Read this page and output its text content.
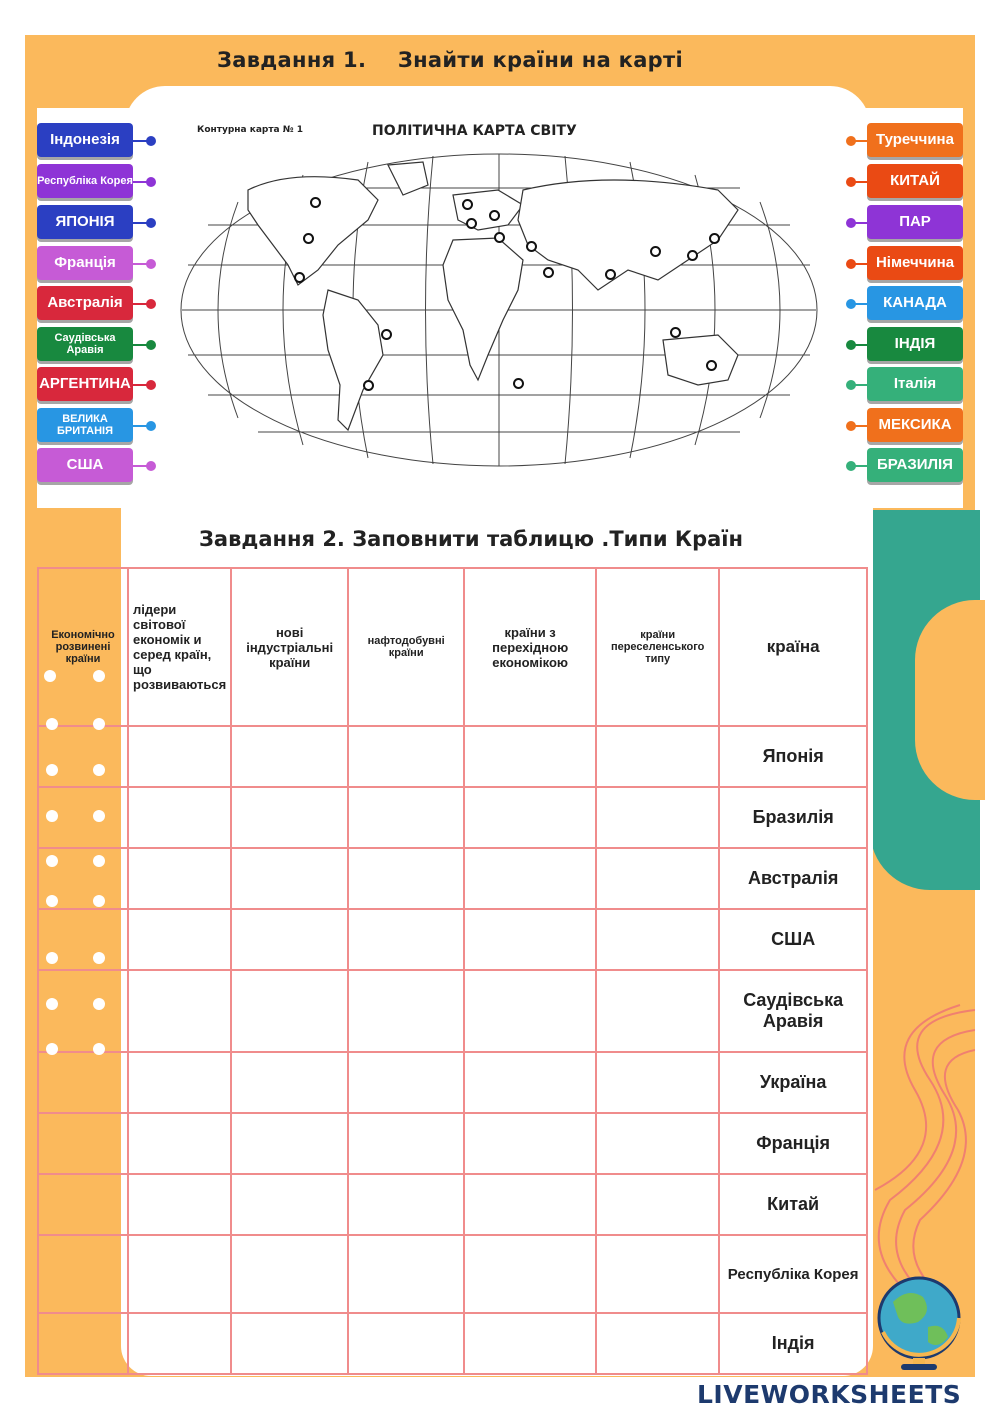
Завдання 1. Знайти країни на карті
Контурна карта № 1	ПОЛІТИЧНА КАРТА СВІТУ
Індонезія
Республіка Корея
ЯПОНІЯ
Франція
Австралія
Саудівська Аравія
АРГЕНТИНА
ВЕЛИКА БРИТАНІЯ
США
Туреччина
КИТАЙ
ПАР
Німеччина
КАНАДА
ІНДІЯ
Італія
МЕКСИКА
БРАЗИЛІЯ
Завдання 2. Заповнити таблицю .Типи Країн
Економічно розвинені країни	лідери світової економік и серед країн, що розвиваються	нові індустріальні країни	нафтодобувні країни	країни з перехідною економікою	країни переселенського типу	країна
						Японія
						Бразилія
						Австралія
						США
						Саудівська Аравія
						Україна
						Франція
						Китай
						Республіка Корея
						Індія
LIVEWORKSHEETS
